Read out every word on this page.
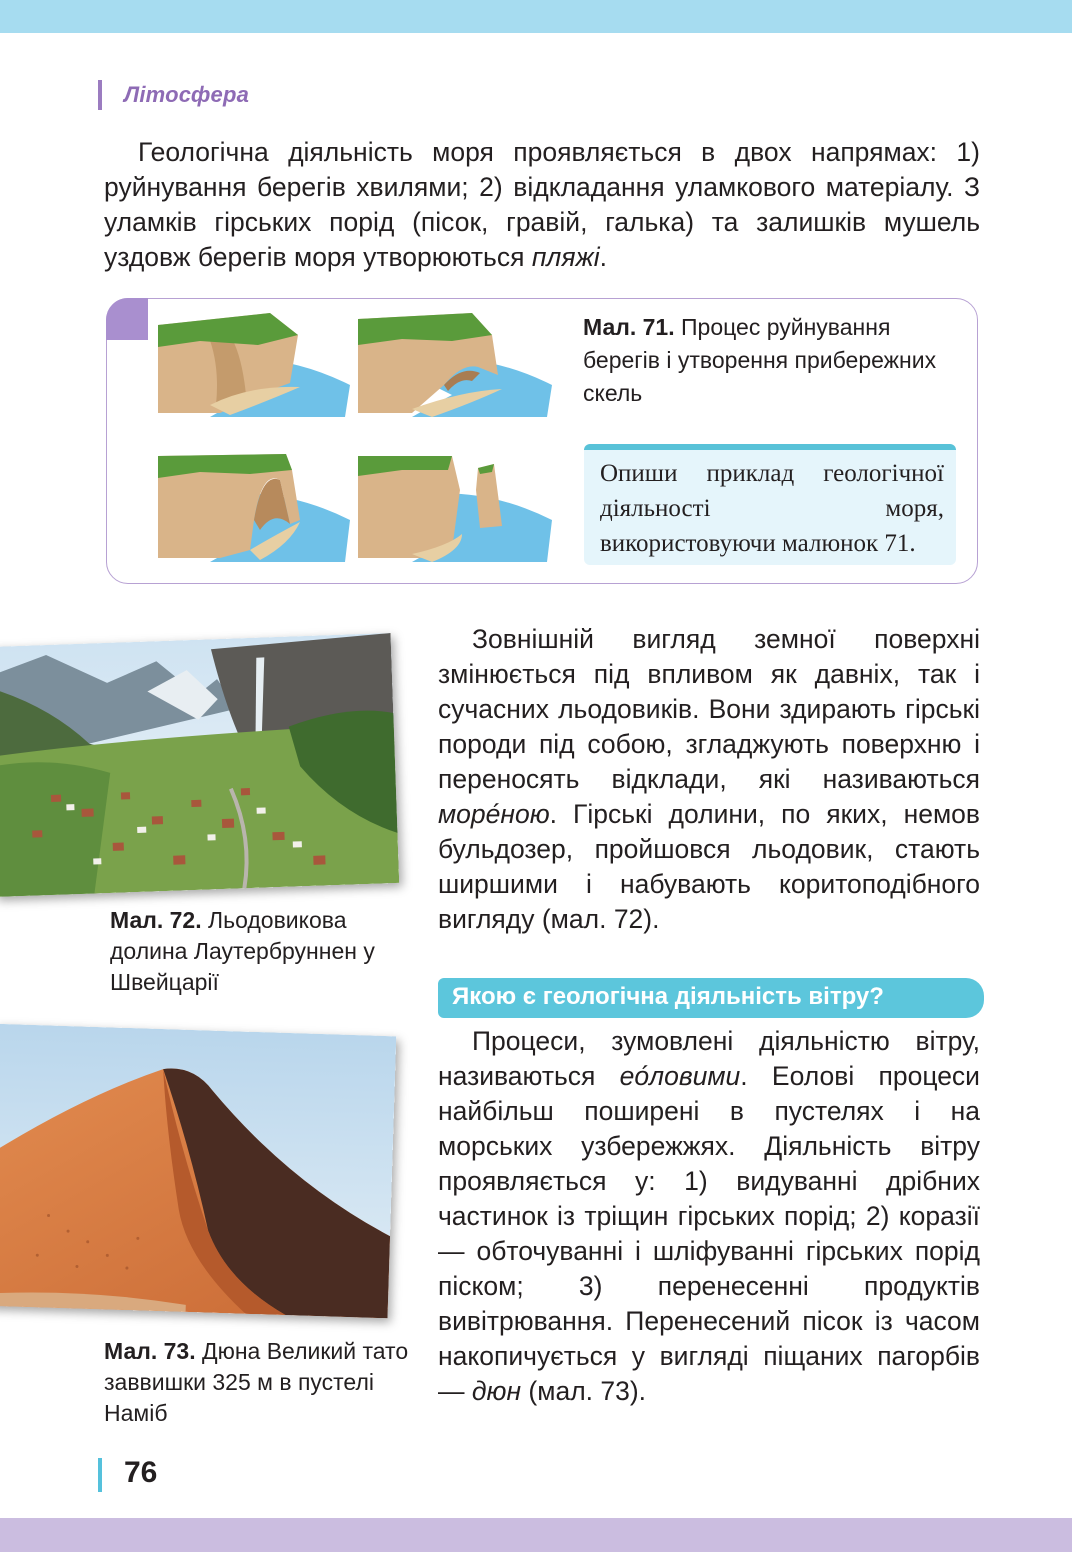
Літосфера
Геологічна діяльність моря проявляється в двох напрямах: 1) руйнування берегів хвилями; 2) відкладання уламкового матеріалу. З уламків гірських порід (пісок, гравій, галька) та залишків мушель уздовж берегів моря утворюються пляжі.
Мал. 71. Процес руйнування берегів і утворення прибережних скель
Опиши приклад геологічної діяльності моря, використовуючи малюнок 71.
Мал. 72. Льодовикова долина Лаутербруннен у Швейцарії
Зовнішній вигляд земної поверхні змінюється під впливом як давніх, так і сучасних льодовиків. Вони здирають гірські породи під собою, згладжують поверхню і переносять відклади, які називаються море́ною. Гірські долини, по яких, немов бульдозер, пройшовся льодовик, стають ширшими і набувають коритоподібного вигляду (мал. 72).
Якою є геологічна діяльність вітру?
Процеси, зумовлені діяльністю вітру, називаються ео́ловими. Еолові процеси найбільш поширені в пустелях і на морських узбережжях. Діяльність вітру проявляється у: 1) видуванні дрібних частинок із тріщин гірських порід; 2) коразії — обточуванні і шліфуванні гірських порід піском; 3) перенесенні продуктів вивітрювання. Перенесений пісок із часом накопичується у вигляді піщаних пагорбів — дюн (мал. 73).
Мал. 73. Дюна Великий тато заввишки 325 м в пустелі Наміб
76
